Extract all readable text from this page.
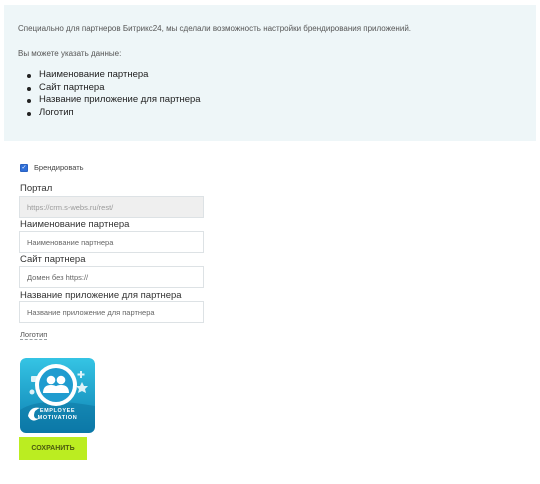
Специально для партнеров Битрикс24, мы сделали возможность настройки брендирования приложений.

Вы можете указать данные:

Наименование партнера
Сайт партнера
Название приложение для партнера
Логотип
✓ Брендировать
Портал
https://crm.s-webs.ru/rest/
Наименование партнера
Наименование партнера
Сайт партнера
Домен без https://
Название приложение для партнера
Название приложение для партнера
Логотип
EMPLOYEE
MOTIVATION
СОХРАНИТЬ
